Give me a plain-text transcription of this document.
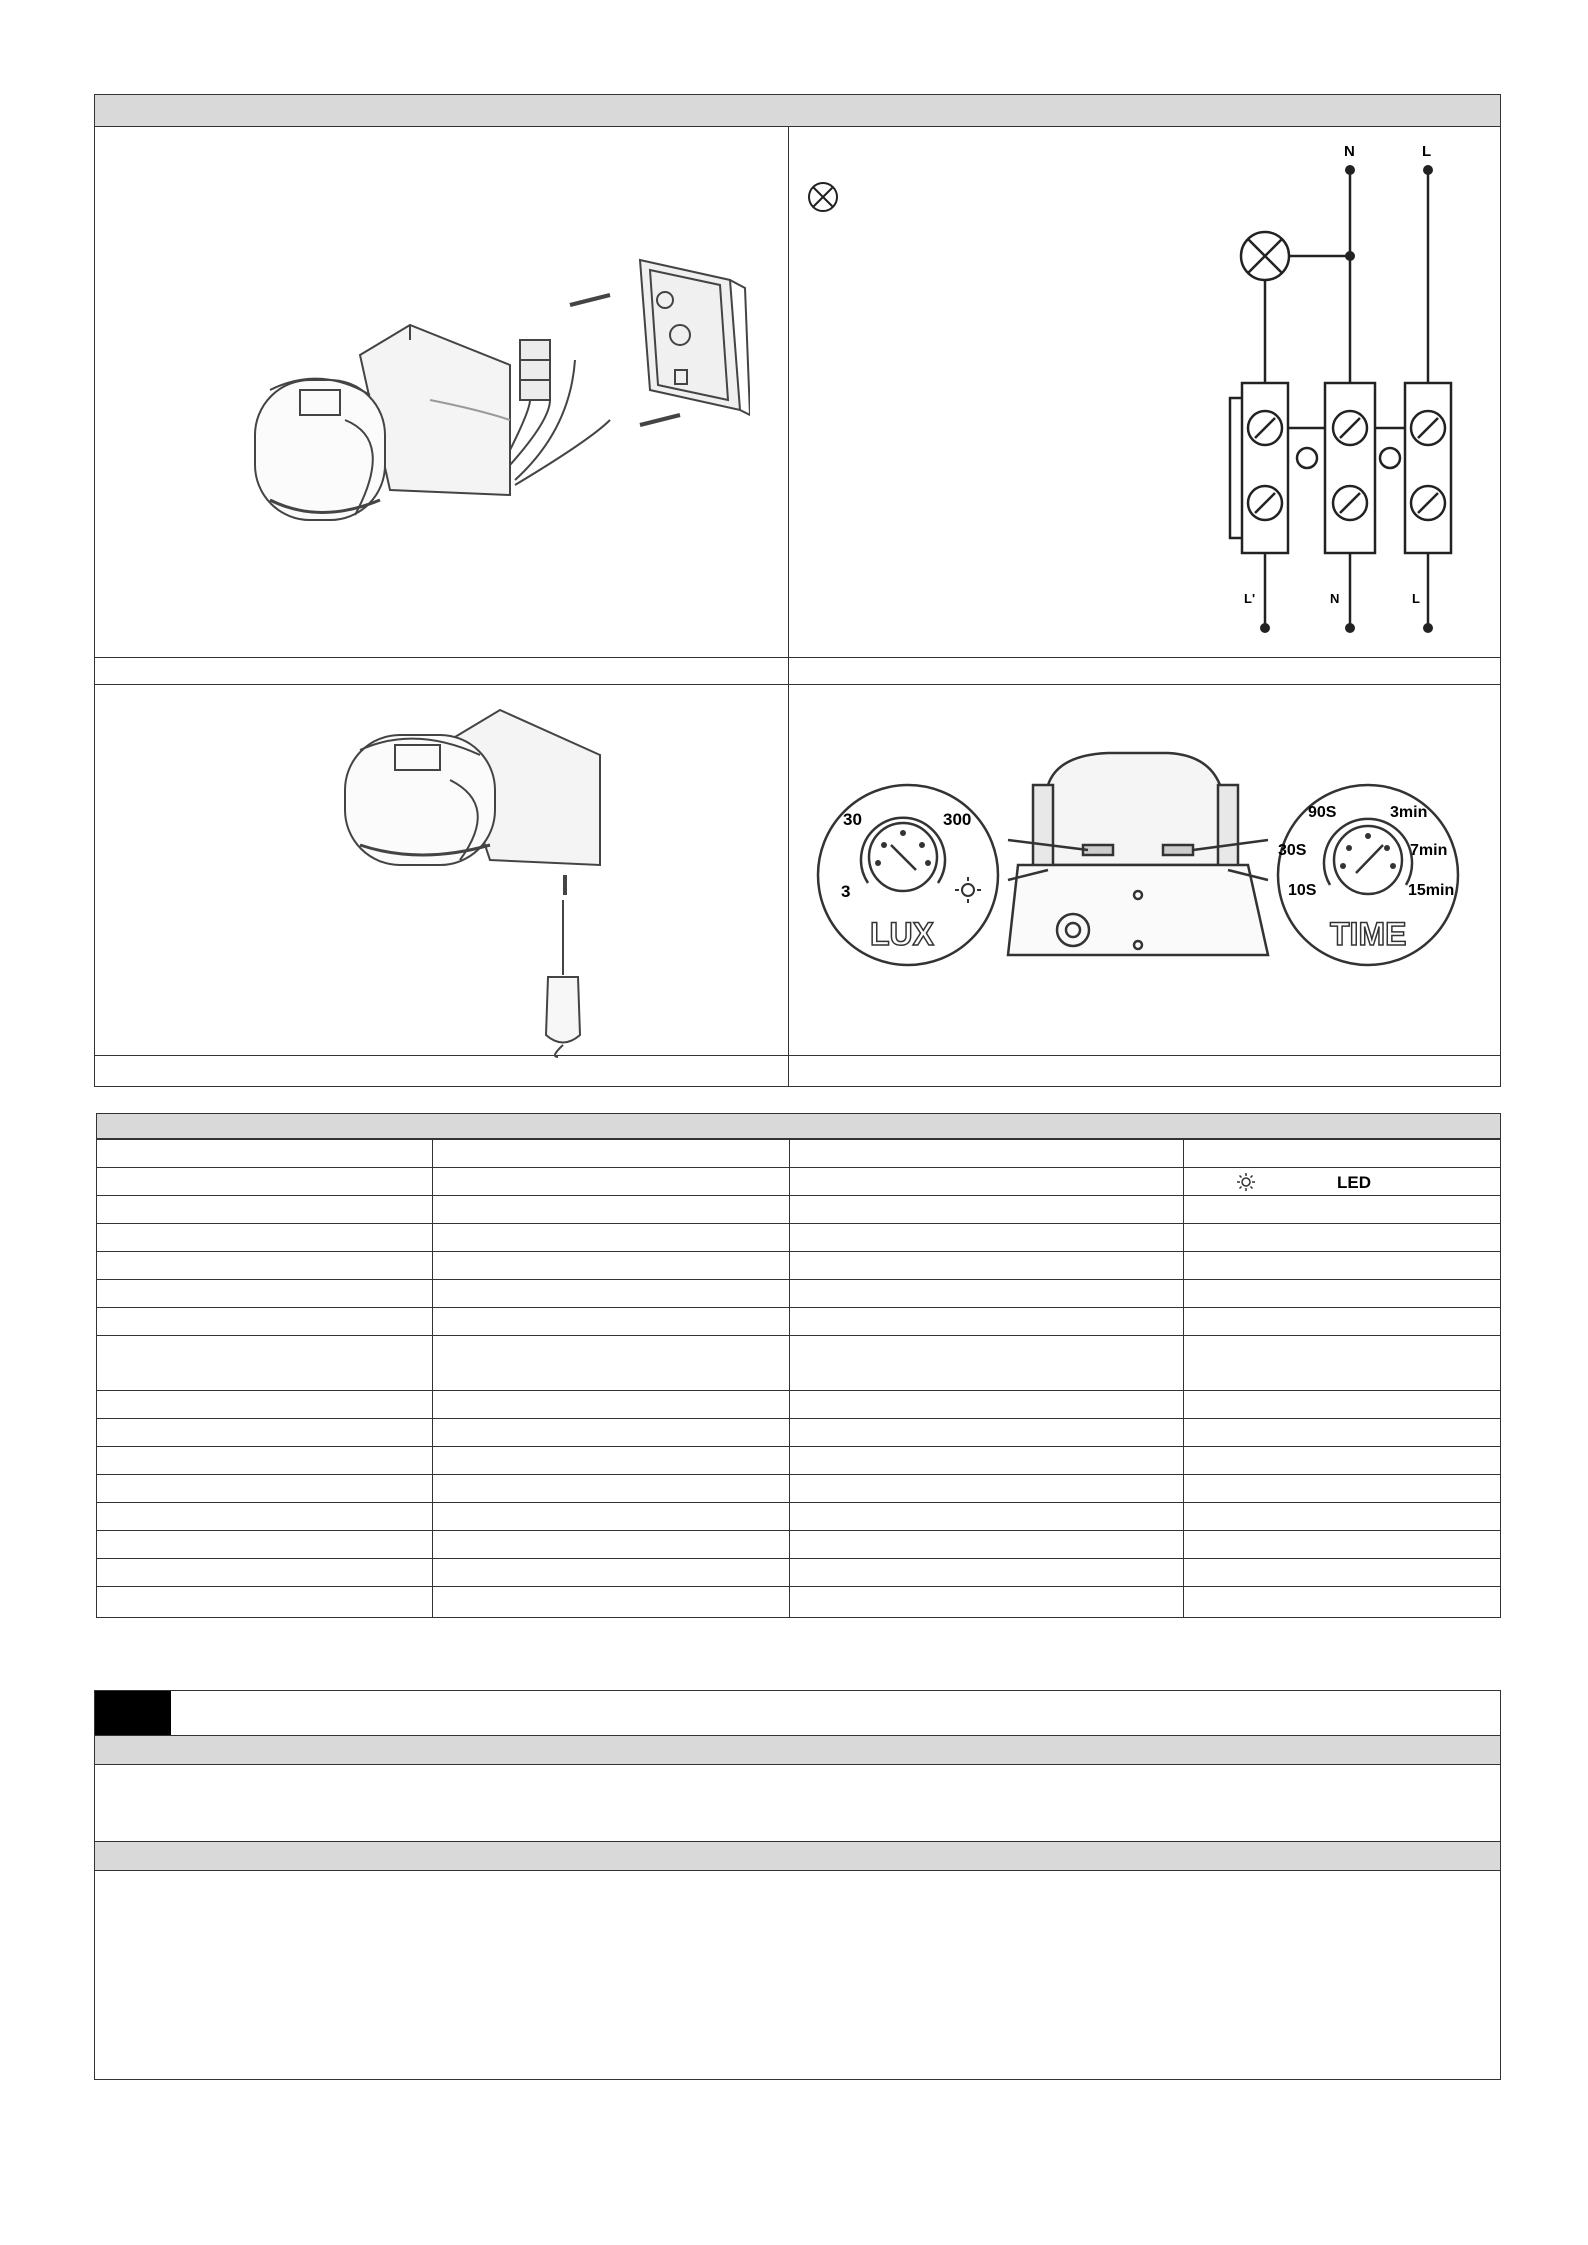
N	L
L'	N	L
30	300
3
LUX
90S	3min
30S	7min
10S	15min
TIME
LED
